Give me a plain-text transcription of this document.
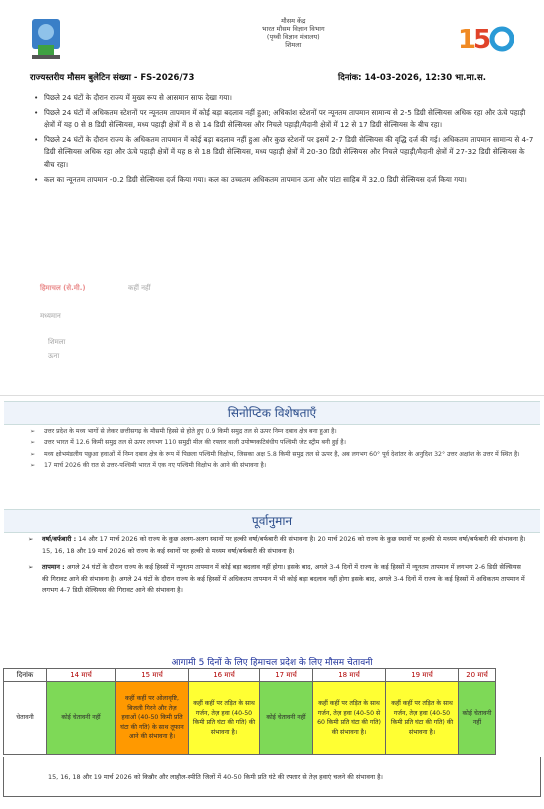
मौसम केंद्र
भारत मौसम विज्ञान विभाग
(पृथ्वी विज्ञान मंत्रालय)
शिमला	1
5
राज्यस्तरीय मौसम बुलेटिन संख्या - FS-2026/73	दिनांक: 14-03-2026, 12:30 भा.मा.स.

• पिछले 24 घंटों के दौरान राज्य में मुख्य रूप से आसमान साफ देखा गया।

• पिछले 24 घंटों में अधिकतम स्टेशनों पर न्यूनतम तापमान में कोई बड़ा बदलाव नहीं हुआ; अधिकांश स्टेशनों पर न्यूनतम तापमान सामान्य से 2-5 डिग्री सेल्सियस अधिक रहा और ऊंचे पहाड़ी क्षेत्रों में यह 0 से 8 डिग्री सेल्सियस, मध्य पहाड़ी क्षेत्रों में 8 से 14 डिग्री सेल्सियस और निचले पहाड़ी/मैदानी क्षेत्रों में 12 से 17 डिग्री सेल्सियस के बीच रहा।

• पिछले 24 घंटों के दौरान राज्य के अधिकतम तापमान में कोई बड़ा बदलाव नहीं हुआ और कुछ स्टेशनों पर इसमें 2-7 डिग्री सेल्सियस की वृद्धि दर्ज की गई। अधिकतम तापमान सामान्य से 4-7 डिग्री सेल्सियस अधिक रहा और ऊंचे पहाड़ी क्षेत्रों में यह 8 से 18 डिग्री सेल्सियस, मध्य पहाड़ी क्षेत्रों में 20-30 डिग्री सेल्सियस और निचले पहाड़ी/मैदानी क्षेत्रों में 27-32 डिग्री सेल्सियस के बीच रहा।

• कल का न्यूनतम तापमान -0.2 डिग्री सेल्सियस दर्ज किया गया। कल का उच्चतम अधिकतम तापमान ऊना और पांटा साहिब में 32.0 डिग्री सेल्सियस दर्ज किया गया।

हिमाचल (से.मी.)	कहीं नहीं
मध्यमान
शिमला
ऊना
सिनोप्टिक विशेषताएँ
➢ उत्तर प्रदेश के मध्य भागों से लेकर छत्तीसगढ़ के मौसमी हिस्से से होते हुए 0.9 किमी समुद्र तल से ऊपर निम्न दबाव क्षेत्र बना हुआ है।
➢ उत्तर भारत में 12.6 किमी समुद्र तल से ऊपर लगभग 110 समुद्री मील की रफ्तार वाली उपोष्णकटिबंधीय पश्चिमी जेट स्ट्रीम बनी हुई है।
➢ मध्य क्षोभमंडलीय पछुआ हवाओं में निम्न दबाव क्षेत्र के रूप में पिछला पश्चिमी विक्षोभ, जिसका अक्ष 5.8 किमी समुद्र तल से ऊपर है, अब लगभग 60° पूर्व देशांतर के अनुदिश 32° उत्तर अक्षांश के उत्तर में स्थित है।
➢ 17 मार्च 2026 की रात से उत्तर-पश्चिमी भारत में एक नए पश्चिमी विक्षोभ के आने की संभावना है।
पूर्वानुमान
➢ वर्षा/बर्फबारी : 14 और 17 मार्च 2026 को राज्य के कुछ अलग-अलग स्थानों पर हल्की वर्षा/बर्फबारी की संभावना है। 20 मार्च 2026 को राज्य के कुछ स्थानों पर हल्की से मध्यम वर्षा/बर्फबारी की संभावना है। 15, 16, 18 और 19 मार्च 2026 को राज्य के कई स्थानों पर हल्की से मध्यम वर्षा/बर्फबारी की संभावना है।
➢ तापमान : अगले 24 घंटों के दौरान राज्य के कई हिस्सों में न्यूनतम तापमान में कोई बड़ा बदलाव नहीं होगा। इसके बाद, अगले 3-4 दिनों में राज्य के कई हिस्सों में न्यूनतम तापमान में लगभग 2-6 डिग्री सेल्सियस की गिरावट आने की संभावना है। अगले 24 घंटों के दौरान राज्य के कई हिस्सों में अधिकतम तापमान में भी कोई बड़ा बदलाव नहीं होगा इसके बाद, अगले 3-4 दिनों में राज्य के कई हिस्सों में अधिकतम तापमान में लगभग 4-7 डिग्री सेल्सियस की गिरावट आने की संभावना है।
आगामी 5 दिनों के लिए हिमाचल प्रदेश के लिए मौसम चेतावनी
दिनांक	14 मार्च	15 मार्च	16 मार्च	17 मार्च	18 मार्च	19 मार्च	20 मार्च
चेतावनी	कोई चेतावनी नहीं	कहीं कहीं पर ओलावृष्टि, बिजली गिरने और तेज़ हवाओं (40-50 किमी प्रति घंटा की गति) के साथ तूफान आने की संभावना है।	कहीं कहीं पर तड़ित के साथ गर्जन, तेज़ हवा (40-50 किमी प्रति घंटा की गति) की संभावना है।	कोई चेतावनी नहीं	कहीं कहीं पर तड़ित के साथ गर्जन, तेज़ हवा (40-50 से 60 किमी प्रति घंटा की गति) की संभावना है।	कहीं कहीं पर तड़ित के साथ गर्जन, तेज़ हवा (40-50 किमी प्रति घंटा की गति) की संभावना है।	कोई चेतावनी नहीं
15, 16, 18 और 19 मार्च 2026 को किन्नौर और लाहौल-स्पीति जिलों में 40-50 किमी प्रति घंटे की रफ्तार से तेज़ हवाएं चलने की संभावना है।
